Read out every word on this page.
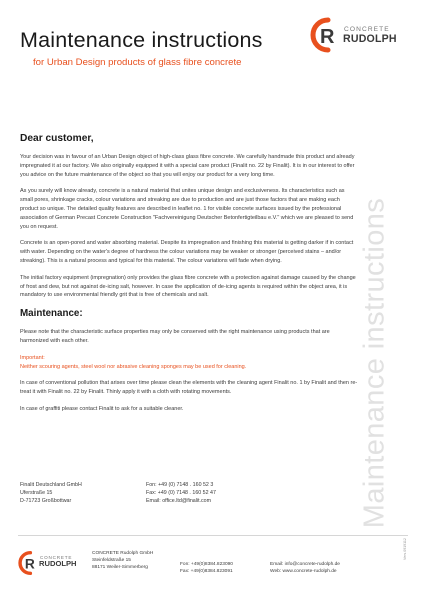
Maintenance instructions
for Urban Design products of glass fibre concrete
R CONCRETE
RUDOLPH
Maintenance instructions
Dear customer,

Your decision was in favour of an Urban Design object of high-class glass fibre concrete. We carefully handmade this product and already impregnated it at our factory. We also originally equipped it with a special care product (Finalit no. 22 by Finalit). It is in our interest to offer you advice on the future maintenance of the object so that you will enjoy our product for a very long time.

As you surely will know already, concrete is a natural material that unites unique design and exclusiveness. Its characteristics such as small pores, shrinkage cracks, colour variations and streaking are due to production and are just those factors that are making each product so unique. The detailed quality features are described in leaflet no. 1 for visible concrete surfaces issued by the professional association of German Precast Concrete Construction "Fachvereinigung Deutscher Betonfertigteilbau e.V." which we are pleased to send you on request.

Concrete is an open-pored and water absorbing material. Despite its impregnation and finishing this material is getting darker if in contact with water. Depending on the water's degree of hardness the colour variations may be weaker or stronger (perceived stains – and/or streaking). This is a natural process and typical for this material. The colour variations will fade when drying.

The initial factory equipment (impregnation) only provides the glass fibre concrete with a protection against damage caused by the change of frost and dew, but not against de-icing salt, however. In case the application of de-icing agents is required within the object area, it is mandatory to use environmental friendly grit that is free of chemicals and salt.

Maintenance:

Please note that the characteristic surface properties may only be conserved with the right maintenance using products that are harmonized with each other.

Important:
Neither scouring agents, steel wool nor abrasive cleaning sponges may be used for cleaning.

In case of conventional pollution that arises over time please clean the elements with the cleaning agent Finalit no. 1 by Finalit and then re-treat it with Finalit no. 22 by Finalit. Thinly apply it with a cloth with rotating movements.

In case of graffiti please contact Finalit to ask for a suitable cleaner.

Finalit Deutschland GmbH
Uferstraße 15
D-71723 Großbottwar
Fon: +49 (0) 7148 . 160 52 3
Fax: +49 (0) 7148 . 160 52 47
Email: office.ltd@finalit.com
R CONCRETE
RUDOLPH
CONCRETE Rudolph GmbH
Steinfeldstraße 15
88171 Weiler-Simmerberg
Fon: +49(0)8384.823090
Fax: +49(0)8384.823091
Email: info@concrete-rudolph.de
Web: www.concrete-rudolph.de
Vers.0919112
